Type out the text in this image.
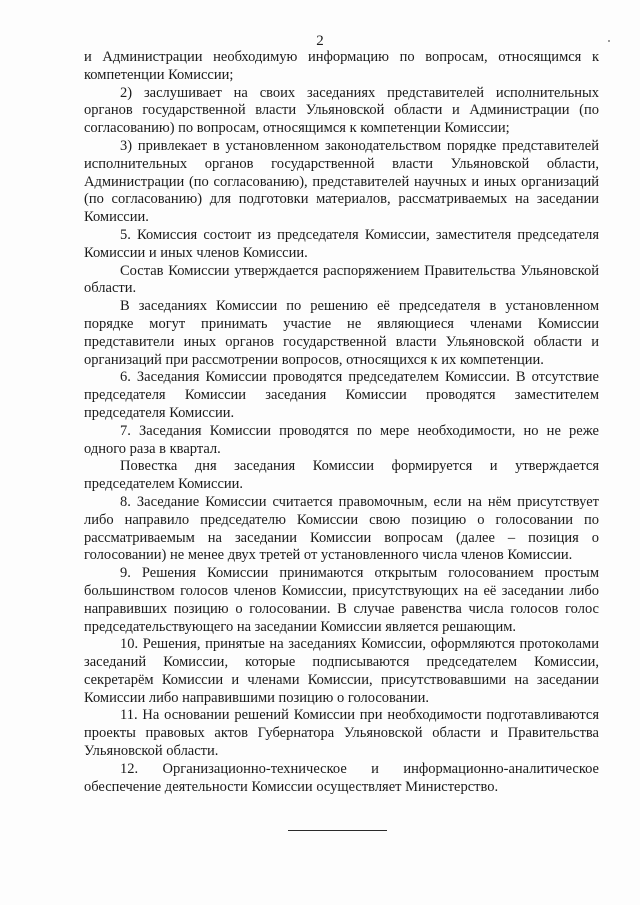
2

и Администрации необходимую информацию по вопросам, относящимся к компетенции Комиссии;

2) заслушивает на своих заседаниях представителей исполнительных органов государственной власти Ульяновской области и Администрации (по согласованию) по вопросам, относящимся к компетенции Комиссии;

3) привлекает в установленном законодательством порядке представителей исполнительных органов государственной власти Ульяновской области, Администрации (по согласованию), представителей научных и иных организаций (по согласованию) для подготовки материалов, рассматриваемых на заседании Комиссии.

5. Комиссия состоит из председателя Комиссии, заместителя председателя Комиссии и иных членов Комиссии.

Состав Комиссии утверждается распоряжением Правительства Ульяновской области.

В заседаниях Комиссии по решению её председателя в установленном порядке могут принимать участие не являющиеся членами Комиссии представители иных органов государственной власти Ульяновской области и организаций при рассмотрении вопросов, относящихся к их компетенции.

6. Заседания Комиссии проводятся председателем Комиссии. В отсутствие председателя Комиссии заседания Комиссии проводятся заместителем председателя Комиссии.

7. Заседания Комиссии проводятся по мере необходимости, но не реже одного раза в квартал.

Повестка дня заседания Комиссии формируется и утверждается председателем Комиссии.

8. Заседание Комиссии считается правомочным, если на нём присутствует либо направило председателю Комиссии свою позицию о голосовании по рассматриваемым на заседании Комиссии вопросам (далее – позиция о голосовании) не менее двух третей от установленного числа членов Комиссии.

9. Решения Комиссии принимаются открытым голосованием простым большинством голосов членов Комиссии, присутствующих на её заседании либо направивших позицию о голосовании. В случае равенства числа голосов голос председательствующего на заседании Комиссии является решающим.

10. Решения, принятые на заседаниях Комиссии, оформляются протоколами заседаний Комиссии, которые подписываются председателем Комиссии, секретарём Комиссии и членами Комиссии, присутствовавшими на заседании Комиссии либо направившими позицию о голосовании.

11. На основании решений Комиссии при необходимости подготавливаются проекты правовых актов Губернатора Ульяновской области и Правительства Ульяновской области.

12. Организационно-техническое и информационно-аналитическое обеспечение деятельности Комиссии осуществляет Министерство.
